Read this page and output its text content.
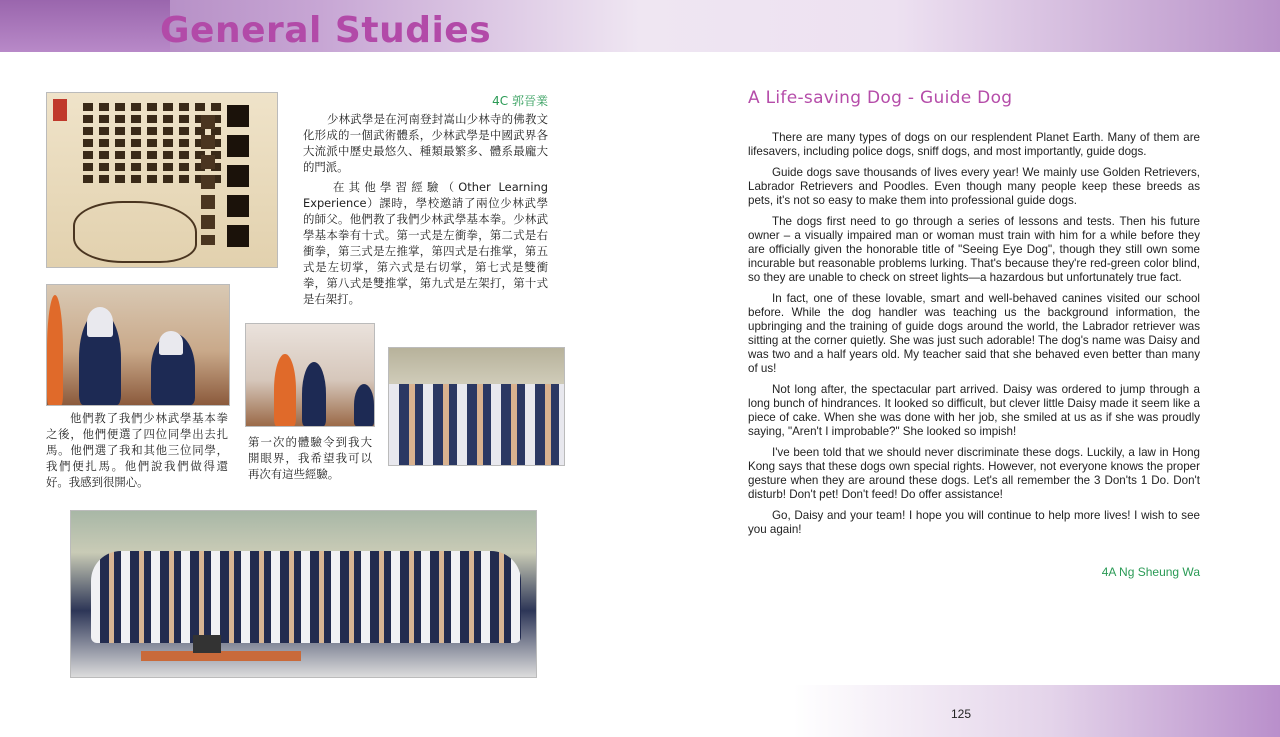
General Studies
4C 郭晉業
少林武學是在河南登封嵩山少林寺的佛教文化形成的一個武術體系，少林武學是中國武界各大流派中歷史最悠久、種類最繁多、體系最龐大的門派。
在其他學習經驗（Other Learning Experience）課時，學校邀請了兩位少林武學的師父。他們教了我們少林武學基本拳。少林武學基本拳有十式。第一式是左衝拳，第二式是右衝拳，第三式是左推掌，第四式是右推掌，第五式是左切掌，第六式是右切掌，第七式是雙衝拳，第八式是雙推掌，第九式是左架打，第十式是右架打。
他們教了我們少林武學基本拳之後，他們便選了四位同學出去扎馬。他們選了我和其他三位同學，我們便扎馬。他們說我們做得還好。我感到很開心。
第一次的體驗令到我大開眼界，我希望我可以再次有這些經驗。
A Life-saving Dog - Guide Dog

There are many types of dogs on our resplendent Planet Earth. Many of them are lifesavers, including police dogs, sniff dogs, and most importantly, guide dogs.

Guide dogs save thousands of lives every year! We mainly use Golden Retrievers, Labrador Retrievers and Poodles. Even though many people keep these breeds as pets, it's not so easy to make them into professional guide dogs.

The dogs first need to go through a series of lessons and tests. Then his future owner – a visually impaired man or woman must train with him for a while before they are officially given the honorable title of "Seeing Eye Dog", though they still own some incurable but reasonable problems lurking. That's because they're red-green color blind, so they are unable to check on street lights—a hazardous but unfortunately true fact.

In fact, one of these lovable, smart and well-behaved canines visited our school before. While the dog handler was teaching us the background information, the upbringing and the training of guide dogs around the world, the Labrador retriever was sitting at the corner quietly. She was just such adorable! The dog's name was Daisy and was two and a half years old. My teacher said that she behaved even better than many of us!

Not long after, the spectacular part arrived. Daisy was ordered to jump through a long bunch of hindrances. It looked so difficult, but clever little Daisy made it seem like a piece of cake. When she was done with her job, she smiled at us as if she was proudly saying, "Aren't I improbable?" She looked so impish!

I've been told that we should never discriminate these dogs. Luckily, a law in Hong Kong says that these dogs own special rights. However, not everyone knows the proper gesture when they are around these dogs. Let's all remember the 3 Don'ts 1 Do. Don't disturb! Don't pet! Don't feed! Do offer assistance!

Go, Daisy and your team! I hope you will continue to help more lives! I wish to see you again!

4A Ng Sheung Wa
125
